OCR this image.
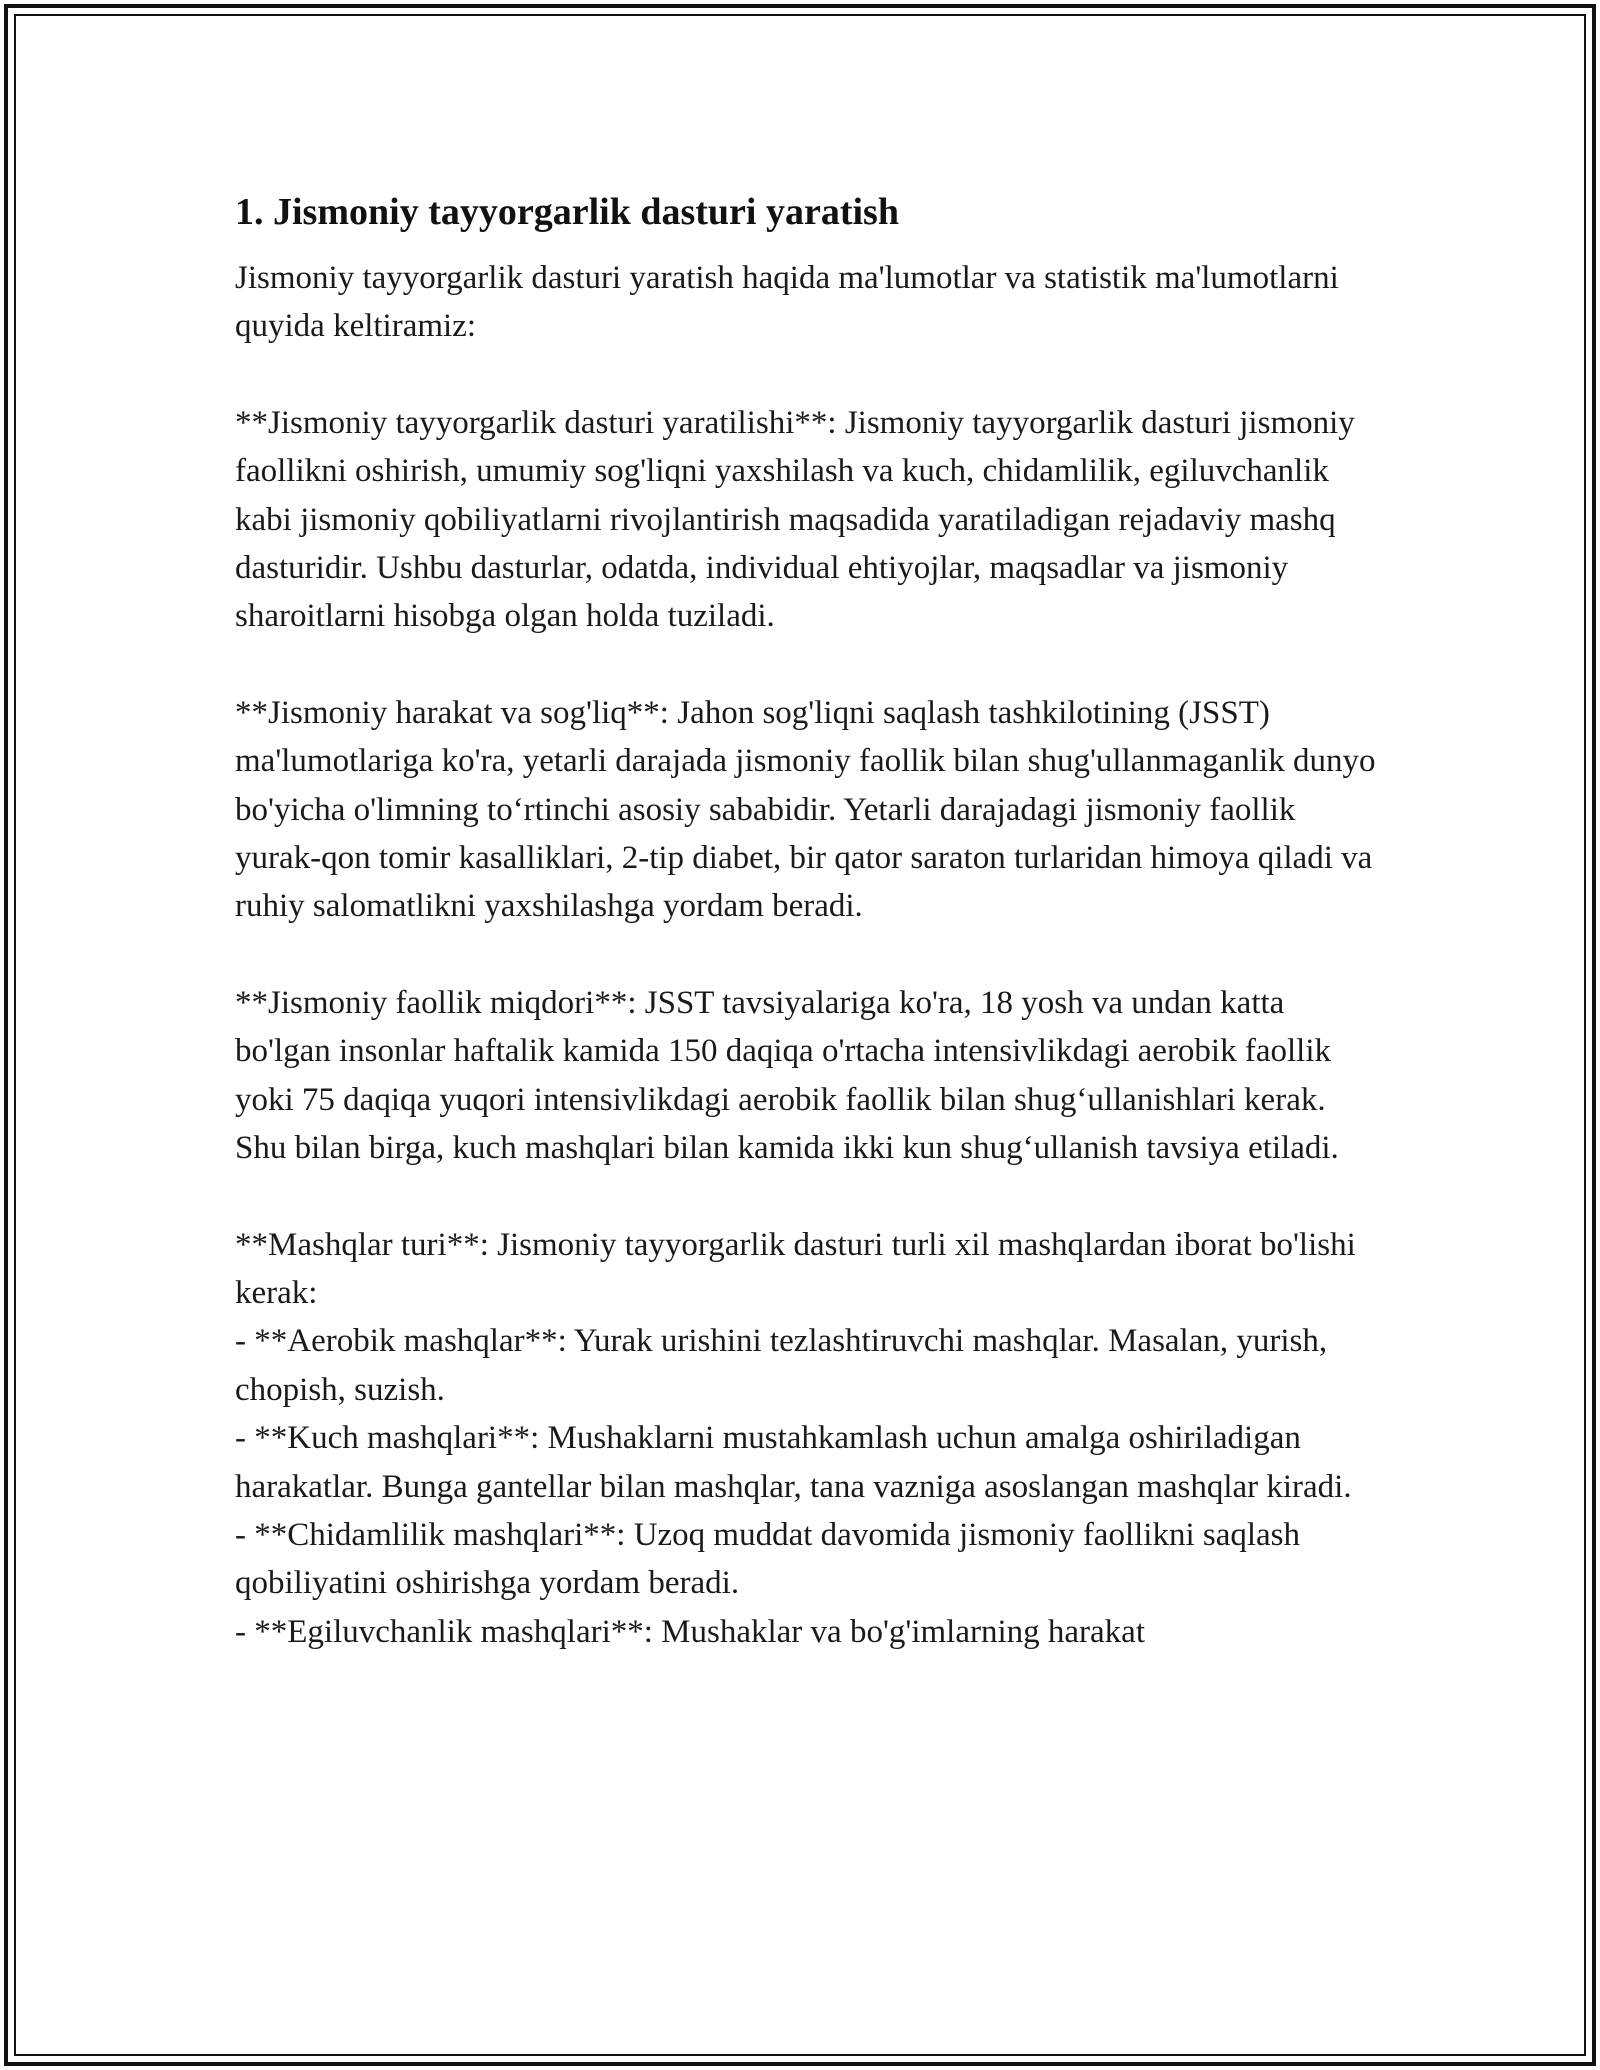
1. Jismoniy tayyorgarlik dasturi yaratish

Jismoniy tayyorgarlik dasturi yaratish haqida ma'lumotlar va statistik ma'lumotlarni quyida keltiramiz:

**Jismoniy tayyorgarlik dasturi yaratilishi**: Jismoniy tayyorgarlik dasturi jismoniy faollikni oshirish, umumiy sog'liqni yaxshilash va kuch, chidamlilik, egiluvchanlik kabi jismoniy qobiliyatlarni rivojlantirish maqsadida yaratiladigan rejadaviy mashq dasturidir. Ushbu dasturlar, odatda, individual ehtiyojlar, maqsadlar va jismoniy sharoitlarni hisobga olgan holda tuziladi.

**Jismoniy harakat va sog'liq**: Jahon sog'liqni saqlash tashkilotining (JSST) ma'lumotlariga ko'ra, yetarli darajada jismoniy faollik bilan shug'ullanmaganlik dunyo bo'yicha o'limning to‘rtinchi asosiy sababidir. Yetarli darajadagi jismoniy faollik yurak-qon tomir kasalliklari, 2-tip diabet, bir qator saraton turlaridan himoya qiladi va ruhiy salomatlikni yaxshilashga yordam beradi.

**Jismoniy faollik miqdori**: JSST tavsiyalariga ko'ra, 18 yosh va undan katta bo'lgan insonlar haftalik kamida 150 daqiqa o'rtacha intensivlikdagi aerobik faollik yoki 75 daqiqa yuqori intensivlikdagi aerobik faollik bilan shug‘ullanishlari kerak. Shu bilan birga, kuch mashqlari bilan kamida ikki kun shug‘ullanish tavsiya etiladi.

**Mashqlar turi**: Jismoniy tayyorgarlik dasturi turli xil mashqlardan iborat bo'lishi kerak:

- **Aerobik mashqlar**: Yurak urishini tezlashtiruvchi mashqlar. Masalan, yurish, chopish, suzish.

- **Kuch mashqlari**: Mushaklarni mustahkamlash uchun amalga oshiriladigan harakatlar. Bunga gantellar bilan mashqlar, tana vazniga asoslangan mashqlar kiradi.

- **Chidamlilik mashqlari**: Uzoq muddat davomida jismoniy faollikni saqlash qobiliyatini oshirishga yordam beradi.

- **Egiluvchanlik mashqlari**: Mushaklar va bo'g'imlarning harakat
